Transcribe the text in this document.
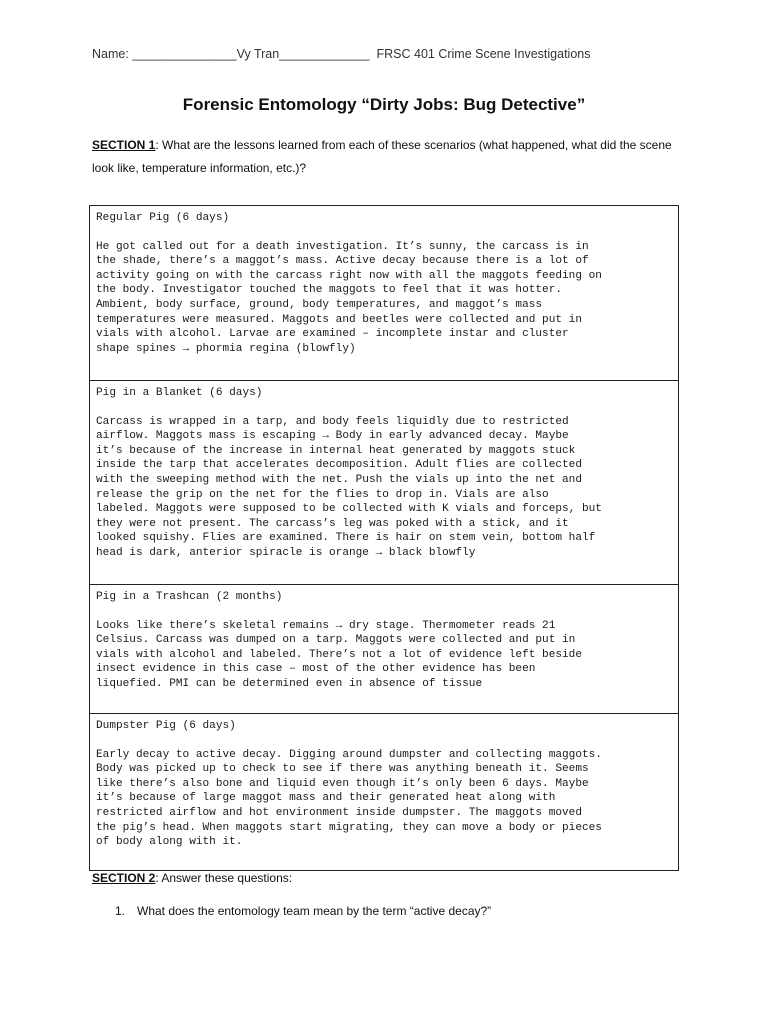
Name: _______________Vy Tran_____________  FRSC 401 Crime Scene Investigations
Forensic Entomology “Dirty Jobs: Bug Detective”
SECTION 1: What are the lessons learned from each of these scenarios (what happened, what did the scene look like, temperature information, etc.)?
Regular Pig (6 days)

He got called out for a death investigation. It’s sunny, the carcass is in

the shade, there’s a maggot’s mass. Active decay because there is a lot of

activity going on with the carcass right now with all the maggots feeding on

the body. Investigator touched the maggots to feel that it was hotter.

Ambient, body surface, ground, body temperatures, and maggot’s mass

temperatures were measured. Maggots and beetles were collected and put in

vials with alcohol. Larvae are examined – incomplete instar and cluster

shape spines → phormia regina (blowfly)

Pig in a Blanket (6 days)

Carcass is wrapped in a tarp, and body feels liquidly due to restricted

airflow. Maggots mass is escaping → Body in early advanced decay. Maybe

it’s because of the increase in internal heat generated by maggots stuck

inside the tarp that accelerates decomposition. Adult flies are collected

with the sweeping method with the net. Push the vials up into the net and

release the grip on the net for the flies to drop in. Vials are also

labeled. Maggots were supposed to be collected with K vials and forceps, but

they were not present. The carcass’s leg was poked with a stick, and it

looked squishy. Flies are examined. There is hair on stem vein, bottom half

head is dark, anterior spiracle is orange → black blowfly

Pig in a Trashcan (2 months)

Looks like there’s skeletal remains → dry stage. Thermometer reads 21

Celsius. Carcass was dumped on a tarp. Maggots were collected and put in

vials with alcohol and labeled. There’s not a lot of evidence left beside

insect evidence in this case – most of the other evidence has been

liquefied. PMI can be determined even in absence of tissue

Dumpster Pig (6 days)

Early decay to active decay. Digging around dumpster and collecting maggots.

Body was picked up to check to see if there was anything beneath it. Seems

like there’s also bone and liquid even though it’s only been 6 days. Maybe

it’s because of large maggot mass and their generated heat along with

restricted airflow and hot environment inside dumpster. The maggots moved

the pig’s head. When maggots start migrating, they can move a body or pieces

of body along with it.

SECTION 2: Answer these questions:
1. What does the entomology team mean by the term “active decay?”
